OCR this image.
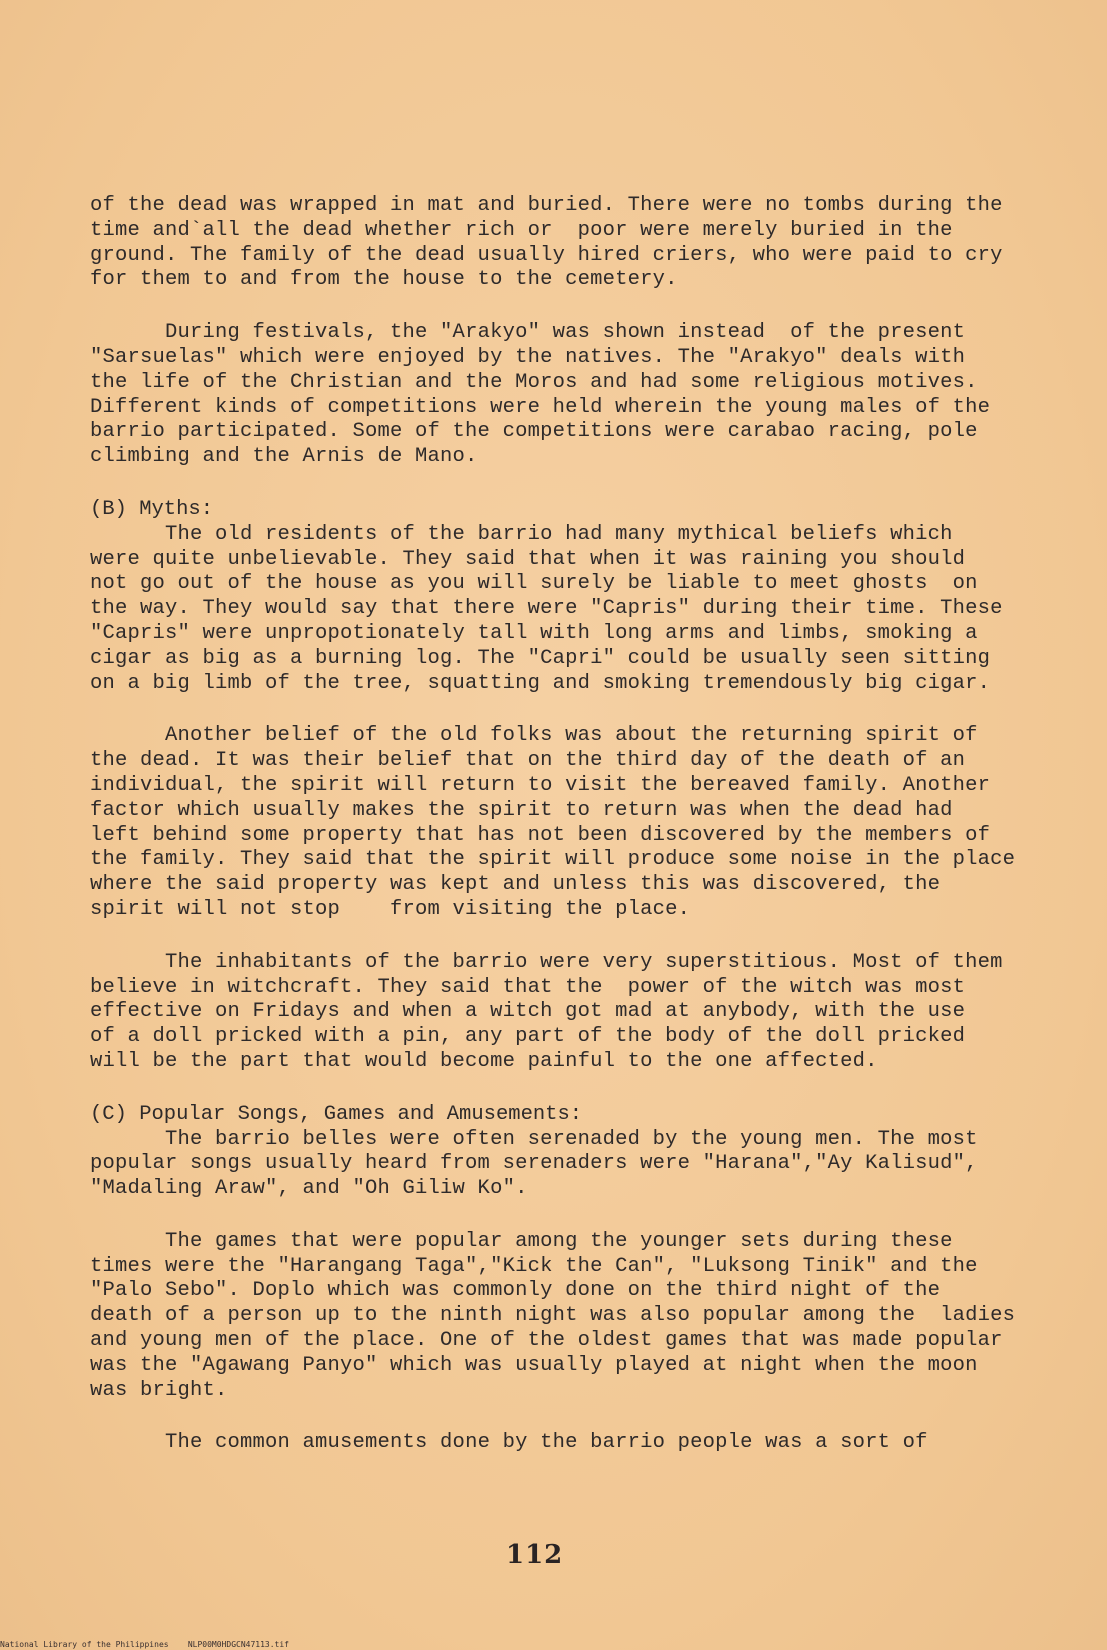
of the dead was wrapped in mat and buried. There were no tombs during the
time and`all the dead whether rich or  poor were merely buried in the
ground. The family of the dead usually hired criers, who were paid to cry
for them to and from the house to the cemetery.

During festivals, the "Arakyo" was shown instead  of the present
"Sarsuelas" which were enjoyed by the natives. The "Arakyo" deals with
the life of the Christian and the Moros and had some religious motives.
Different kinds of competitions were held wherein the young males of the
barrio participated. Some of the competitions were carabao racing, pole
climbing and the Arnis de Mano.

(B) Myths:

The old residents of the barrio had many mythical beliefs which
were quite unbelievable. They said that when it was raining you should
not go out of the house as you will surely be liable to meet ghosts  on
the way. They would say that there were "Capris" during their time. These
"Capris" were unpropotionately tall with long arms and limbs, smoking a
cigar as big as a burning log. The "Capri" could be usually seen sitting
on a big limb of the tree, squatting and smoking tremendously big cigar.

Another belief of the old folks was about the returning spirit of
the dead. It was their belief that on the third day of the death of an
individual, the spirit will return to visit the bereaved family. Another
factor which usually makes the spirit to return was when the dead had
left behind some property that has not been discovered by the members of
the family. They said that the spirit will produce some noise in the place
where the said property was kept and unless this was discovered, the
spirit will not stop    from visiting the place.

The inhabitants of the barrio were very superstitious. Most of them
believe in witchcraft. They said that the  power of the witch was most
effective on Fridays and when a witch got mad at anybody, with the use
of a doll pricked with a pin, any part of the body of the doll pricked
will be the part that would become painful to the one affected.

(C) Popular Songs, Games and Amusements:

The barrio belles were often serenaded by the young men. The most
popular songs usually heard from serenaders were "Harana","Ay Kalisud",
"Madaling Araw", and "Oh Giliw Ko".

The games that were popular among the younger sets during these
times were the "Harangang Taga","Kick the Can", "Luksong Tinik" and the
"Palo Sebo". Doplo which was commonly done on the third night of the
death of a person up to the ninth night was also popular among the  ladies
and young men of the place. One of the oldest games that was made popular
was the "Agawang Panyo" which was usually played at night when the moon
was bright.

The common amusements done by the barrio people was a sort of

112
National Library of the Philippines    NLP00M0HDGCN47113.tif
